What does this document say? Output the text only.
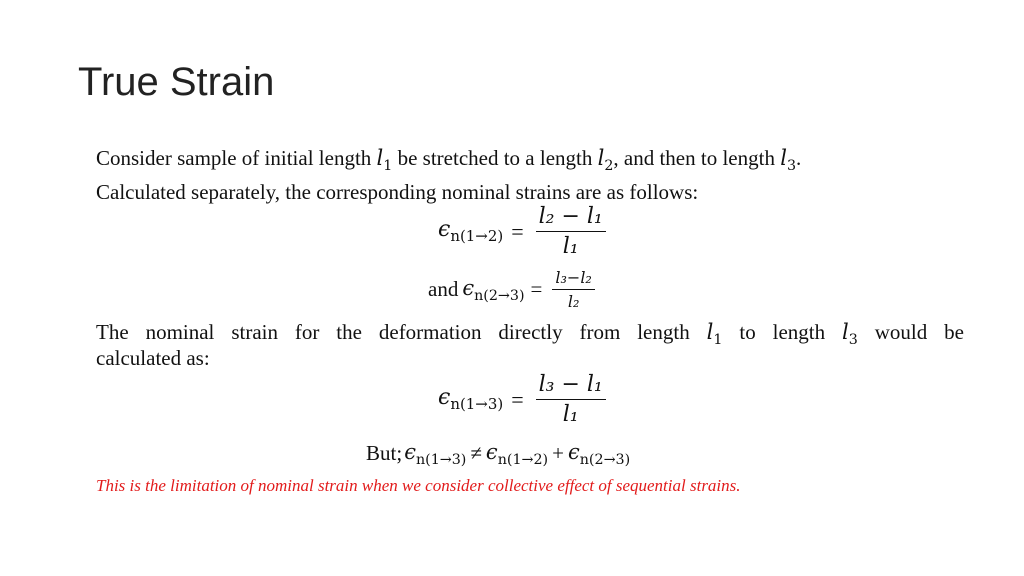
True Strain
Consider sample of initial length $l_1$ be stretched to a length $l_2$, and then to length $l_3$.
Calculated separately, the corresponding nominal strains are as follows:
$\epsilon_{n(1\to 2)} = \frac{\text{l₂ − l₁}}{\text{l₁}}$
and $\epsilon_{n(2\to 3)} = \frac{\text{l₃−l₂}}{\text{l₂}}$
The nominal strain for the deformation directly from length $l_1$ to length $l_3$ would be
calculated as:
$\epsilon_{n(1\to 3)} = \frac{\text{l₃ − l₁}}{\text{l₁}}$
But; $\epsilon_{n(1\to 3)} \ne \epsilon_{n(1\to 2)} + \epsilon_{n(2\to 3)}$
This is the limitation of nominal strain when we consider collective effect of sequential strains.
